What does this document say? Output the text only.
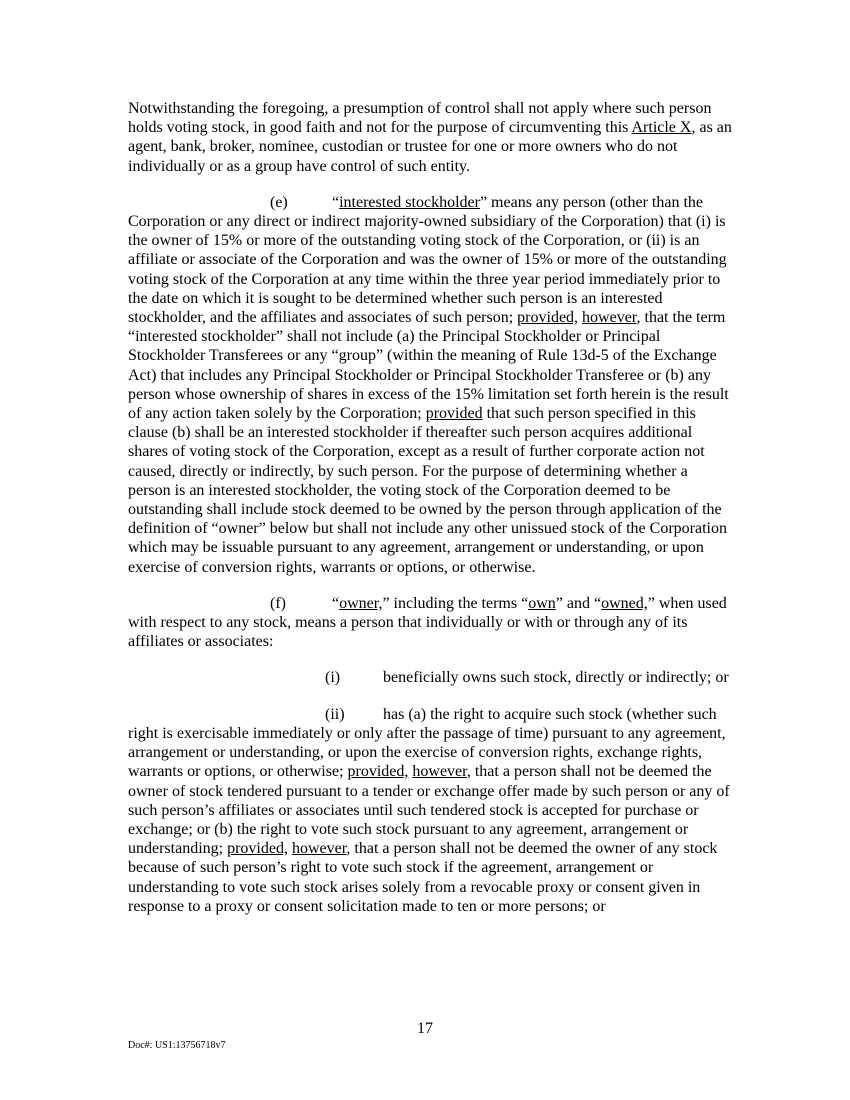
Notwithstanding the foregoing, a presumption of control shall not apply where such person holds voting stock, in good faith and not for the purpose of circumventing this Article X, as an agent, bank, broker, nominee, custodian or trustee for one or more owners who do not individually or as a group have control of such entity.

(e)	“interested stockholder” means any person (other than the Corporation or any direct or indirect majority-owned subsidiary of the Corporation) that (i) is the owner of 15% or more of the outstanding voting stock of the Corporation, or (ii) is an affiliate or associate of the Corporation and was the owner of 15% or more of the outstanding voting stock of the Corporation at any time within the three year period immediately prior to the date on which it is sought to be determined whether such person is an interested stockholder, and the affiliates and associates of such person; provided, however, that the term “interested stockholder” shall not include (a) the Principal Stockholder or Principal Stockholder Transferees or any “group” (within the meaning of Rule 13d-5 of the Exchange Act) that includes any Principal Stockholder or Principal Stockholder Transferee or (b) any person whose ownership of shares in excess of the 15% limitation set forth herein is the result of any action taken solely by the Corporation; provided that such person specified in this clause (b) shall be an interested stockholder if thereafter such person acquires additional shares of voting stock of the Corporation, except as a result of further corporate action not caused, directly or indirectly, by such person. For the purpose of determining whether a person is an interested stockholder, the voting stock of the Corporation deemed to be outstanding shall include stock deemed to be owned by the person through application of the definition of “owner” below but shall not include any other unissued stock of the Corporation which may be issuable pursuant to any agreement, arrangement or understanding, or upon exercise of conversion rights, warrants or options, or otherwise.

(f)	“owner,” including the terms “own” and “owned,” when used with respect to any stock, means a person that individually or with or through any of its affiliates or associates:

(i)	beneficially owns such stock, directly or indirectly; or

(ii) has (a) the right to acquire such stock (whether such right is exercisable immediately or only after the passage of time) pursuant to any agreement, arrangement or understanding, or upon the exercise of conversion rights, exchange rights, warrants or options, or otherwise; provided, however, that a person shall not be deemed the owner of stock tendered pursuant to a tender or exchange offer made by such person or any of such person’s affiliates or associates until such tendered stock is accepted for purchase or exchange; or (b) the right to vote such stock pursuant to any agreement, arrangement or understanding; provided, however, that a person shall not be deemed the owner of any stock because of such person’s right to vote such stock if the agreement, arrangement or understanding to vote such stock arises solely from a revocable proxy or consent given in response to a proxy or consent solicitation made to ten or more persons; or

17
Doc#: US1:13756718v7
